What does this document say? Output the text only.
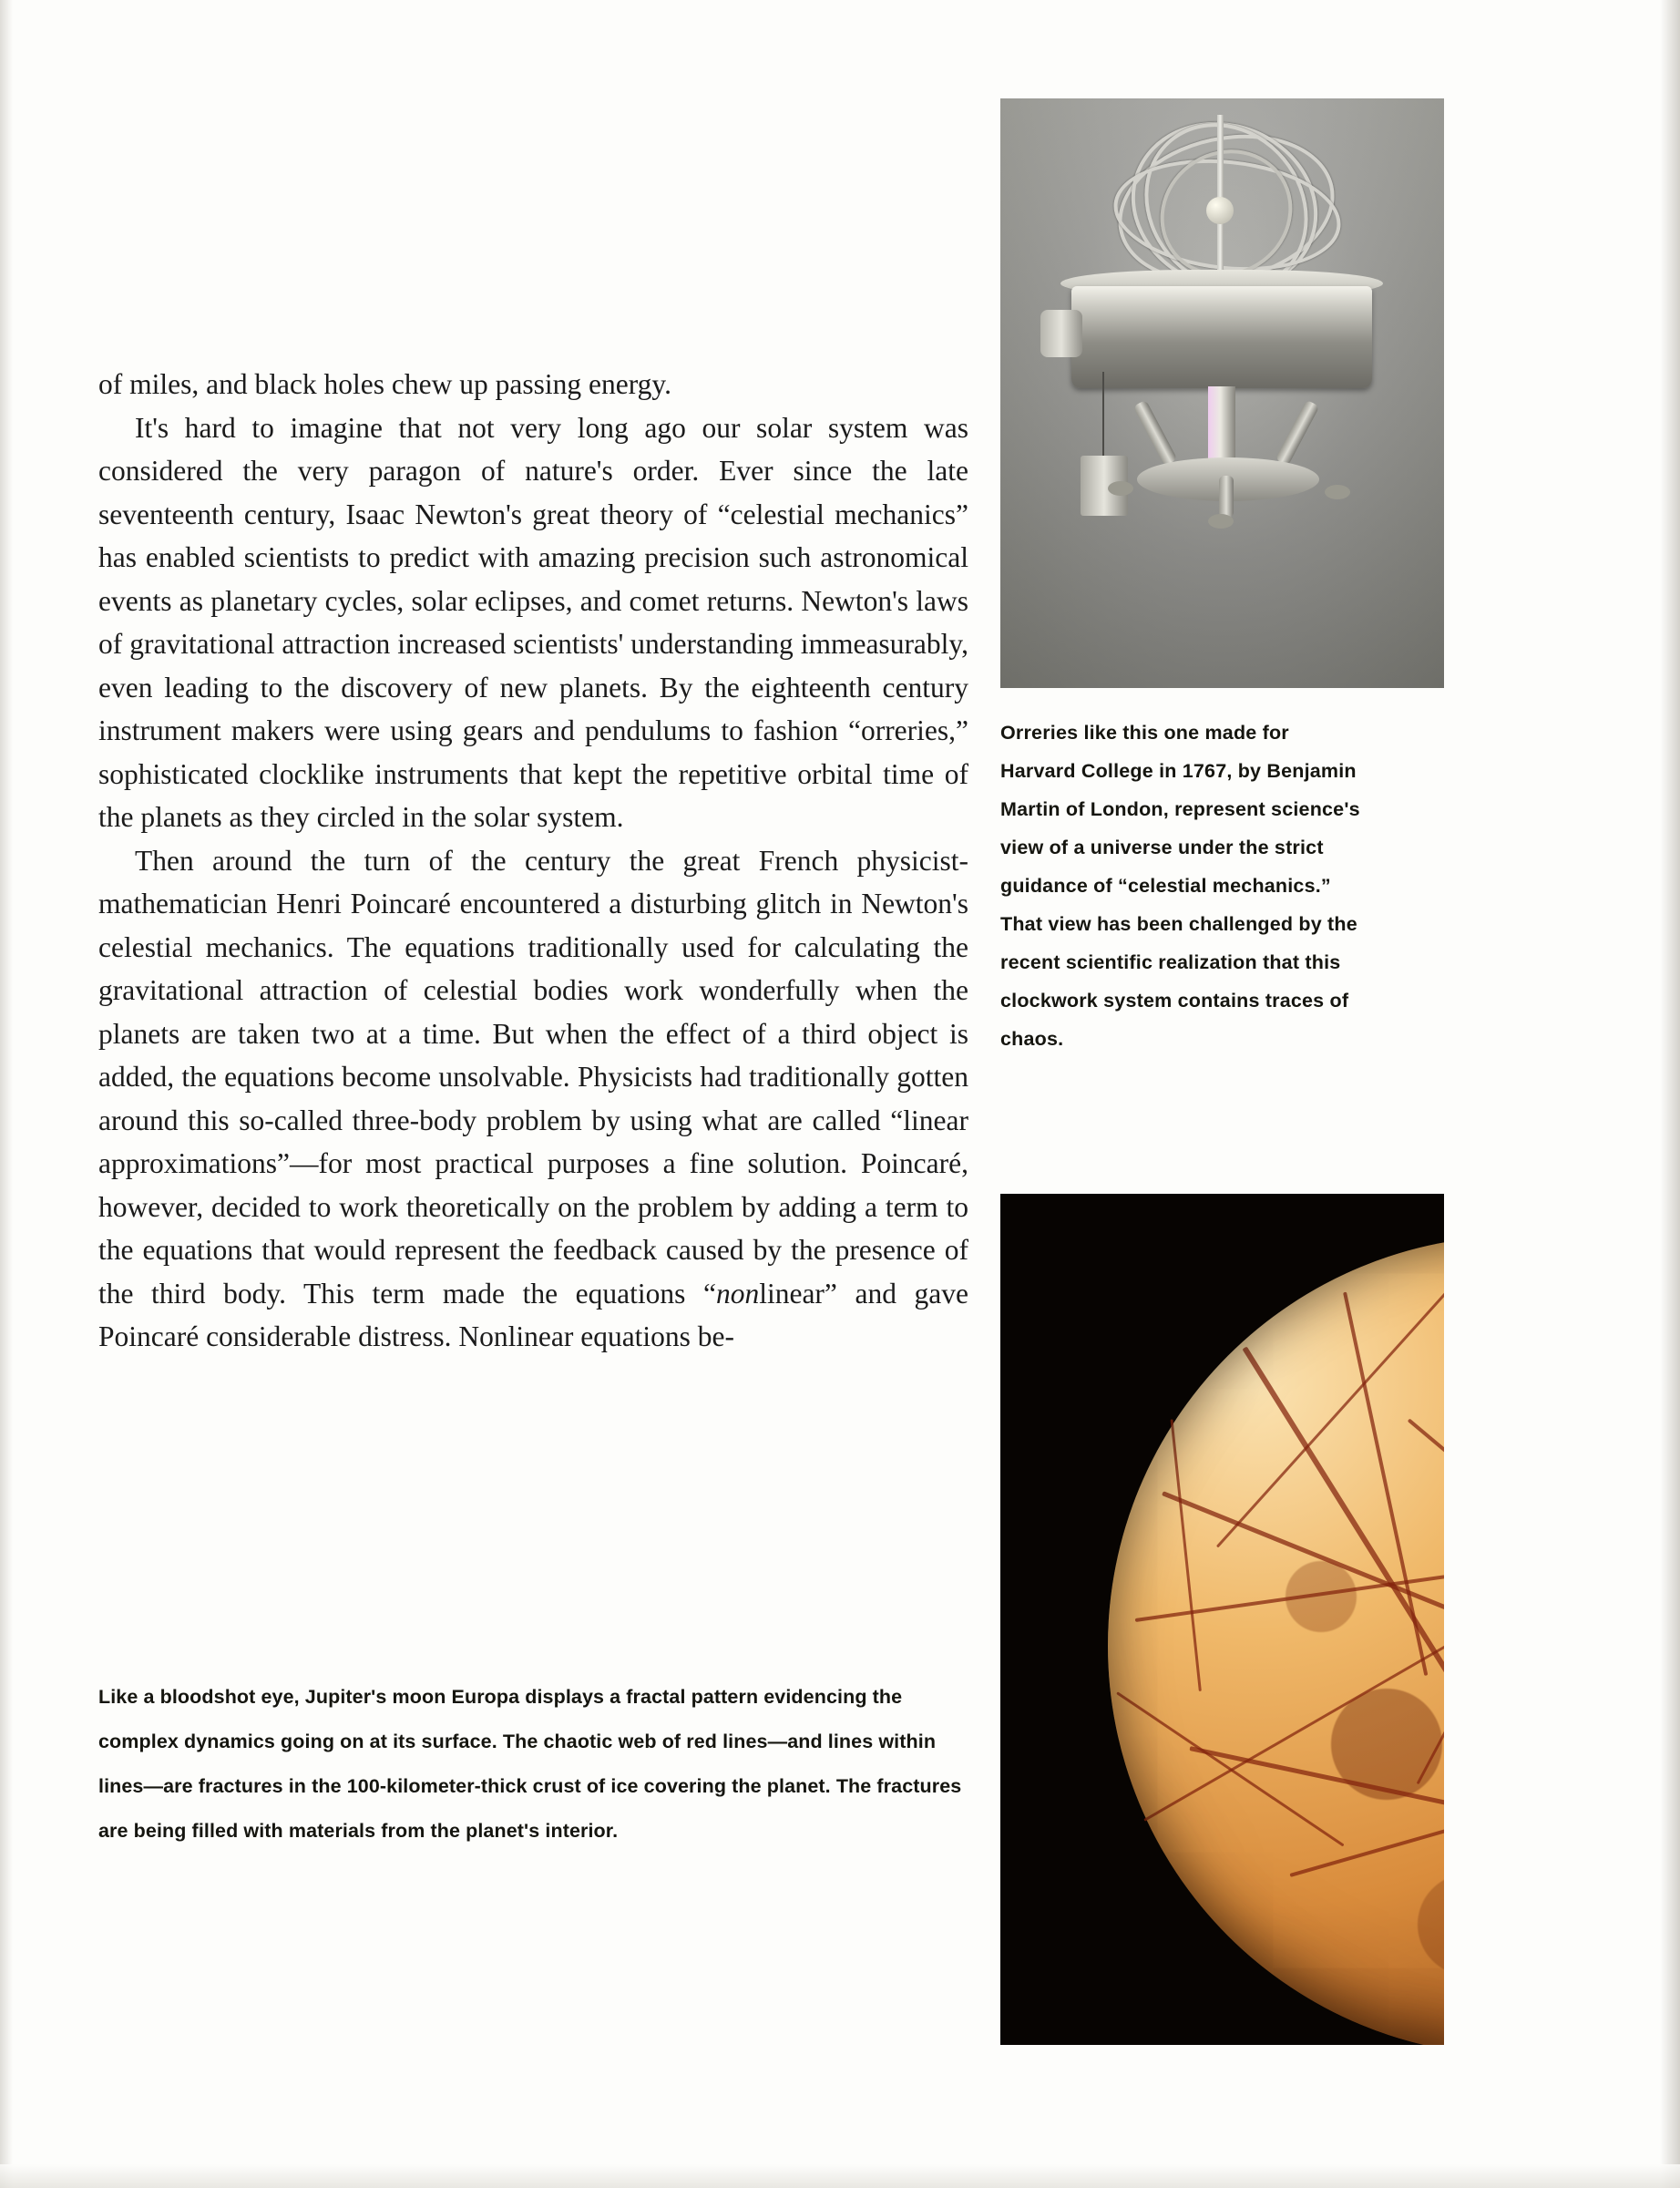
of miles, and black holes chew up passing energy.

It's hard to imagine that not very long ago our solar system was considered the very paragon of nature's order. Ever since the late seventeenth century, Isaac Newton's great theory of “celestial mechanics” has enabled scientists to predict with amazing precision such astronomical events as planetary cycles, solar eclipses, and comet returns. Newton's laws of gravitational attraction increased scientists' understanding immeasurably, even leading to the discovery of new planets. By the eighteenth century instrument makers were using gears and pendulums to fashion “orreries,” sophisticated clocklike instruments that kept the repetitive orbital time of the planets as they circled in the solar system.

Then around the turn of the century the great French physicist-mathematician Henri Poincaré encountered a disturbing glitch in Newton's celestial mechanics. The equations traditionally used for calculating the gravitational attraction of celestial bodies work wonderfully when the planets are taken two at a time. But when the effect of a third object is added, the equations become unsolvable. Physicists had traditionally gotten around this so-called three-body problem by using what are called “linear approximations”—for most practical purposes a fine solution. Poincaré, however, decided to work theoretically on the problem by adding a term to the equations that would represent the feedback caused by the presence of the third body. This term made the equations “nonlinear” and gave Poincaré considerable distress. Nonlinear equations be-

Orreries like this one made for Harvard College in 1767, by Benjamin Martin of London, represent science's view of a universe under the strict guidance of “celestial mechanics.” That view has been challenged by the recent scientific realization that this clockwork system contains traces of chaos.
Like a bloodshot eye, Jupiter's moon Europa displays a fractal pattern evidencing the complex dynamics going on at its surface. The chaotic web of red lines—and lines within lines—are fractures in the 100-kilometer-thick crust of ice covering the planet. The fractures are being filled with materials from the planet's interior.
